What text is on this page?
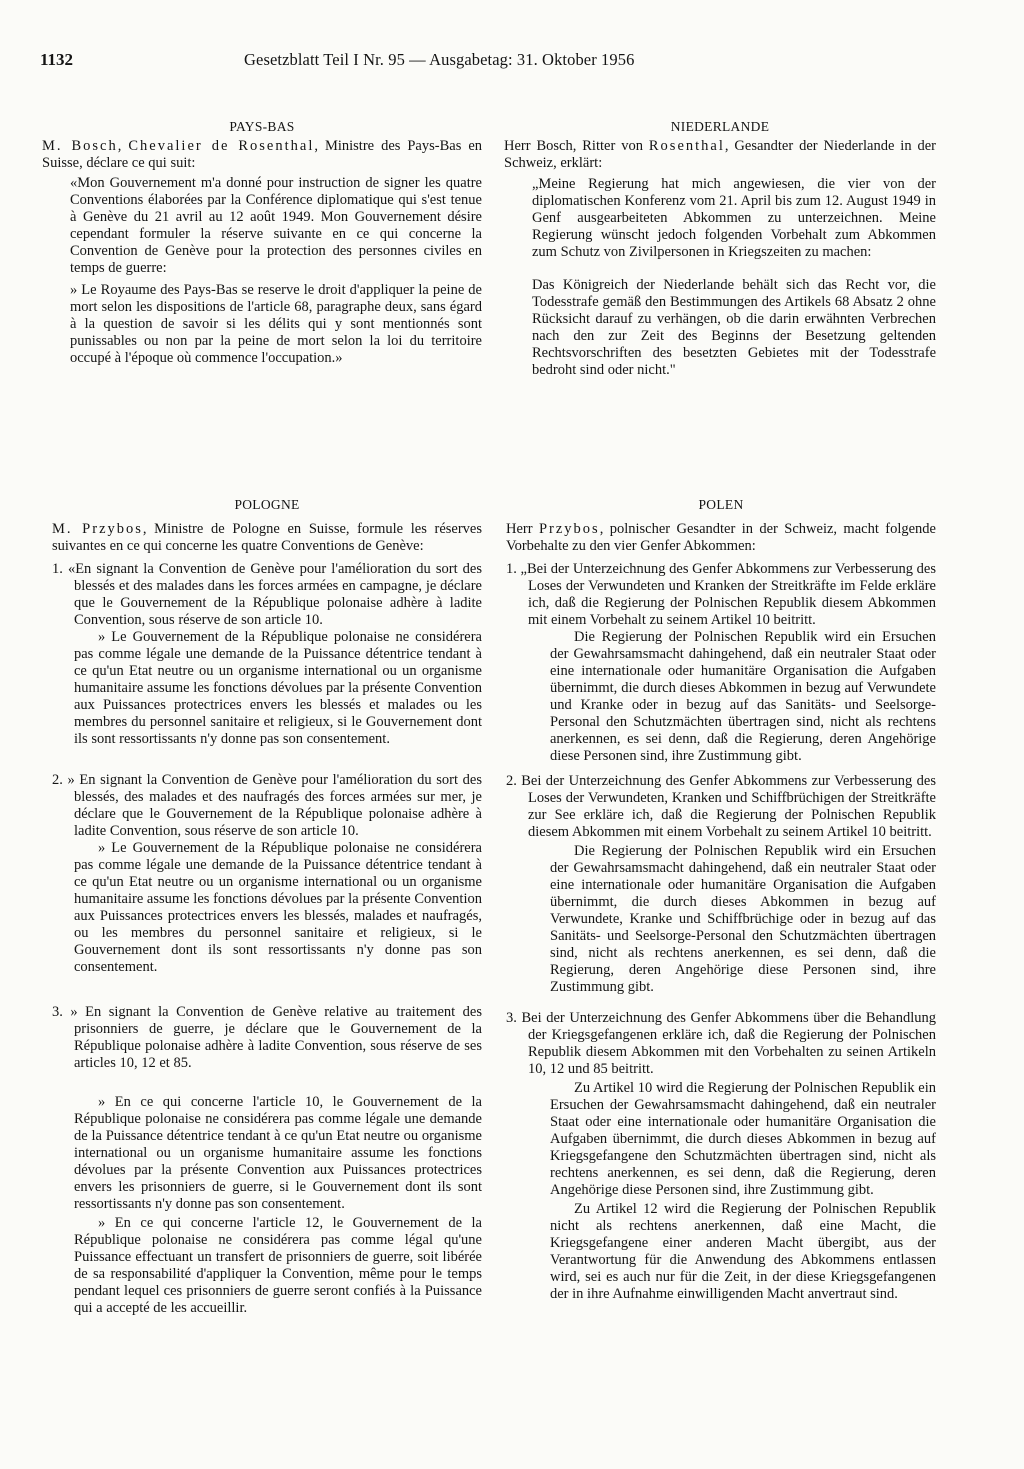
1132	Gesetzblatt Teil I Nr. 95 — Ausgabetag: 31. Oktober 1956

PAYS-BAS

M. Bosch, Chevalier de Rosenthal, Ministre des Pays-Bas en Suisse, déclare ce qui suit:

«Mon Gouvernement m'a donné pour instruction de signer les quatre Conventions élaborées par la Conférence diplomatique qui s'est tenue à Genève du 21 avril au 12 août 1949. Mon Gouvernement désire cependant formuler la réserve suivante en ce qui concerne la Convention de Genève pour la protection des personnes civiles en temps de guerre:

» Le Royaume des Pays-Bas se reserve le droit d'appliquer la peine de mort selon les dispositions de l'article 68, paragraphe deux, sans égard à la question de savoir si les délits qui y sont mentionnés sont punissables ou non par la peine de mort selon la loi du territoire occupé à l'époque où commence l'occupation.»

NIEDERLANDE

Herr Bosch, Ritter von Rosenthal, Gesandter der Niederlande in der Schweiz, erklärt:

„Meine Regierung hat mich angewiesen, die vier von der diplomatischen Konferenz vom 21. April bis zum 12. August 1949 in Genf ausgearbeiteten Abkommen zu unterzeichnen. Meine Regierung wünscht jedoch folgenden Vorbehalt zum Abkommen zum Schutz von Zivilpersonen in Kriegszeiten zu machen:

Das Königreich der Niederlande behält sich das Recht vor, die Todesstrafe gemäß den Bestimmungen des Artikels 68 Absatz 2 ohne Rücksicht darauf zu verhängen, ob die darin erwähnten Verbrechen nach den zur Zeit des Beginns der Besetzung geltenden Rechtsvorschriften des besetzten Gebietes mit der Todesstrafe bedroht sind oder nicht."

POLOGNE

M. Przybos, Ministre de Pologne en Suisse, formule les réserves suivantes en ce qui concerne les quatre Conventions de Genève:

1. «En signant la Convention de Genève pour l'amélioration du sort des blessés et des malades dans les forces armées en campagne, je déclare que le Gouvernement de la République polonaise adhère à ladite Convention, sous réserve de son article 10.

» Le Gouvernement de la République polonaise ne considérera pas comme légale une demande de la Puissance détentrice tendant à ce qu'un Etat neutre ou un organisme international ou un organisme humanitaire assume les fonctions dévolues par la présente Convention aux Puissances protectrices envers les blessés et malades ou les membres du personnel sanitaire et religieux, si le Gouvernement dont ils sont ressortissants n'y donne pas son consentement.

2. » En signant la Convention de Genève pour l'amélioration du sort des blessés, des malades et des naufragés des forces armées sur mer, je déclare que le Gouvernement de la République polonaise adhère à ladite Convention, sous réserve de son article 10.

» Le Gouvernement de la République polonaise ne considérera pas comme légale une demande de la Puissance détentrice tendant à ce qu'un Etat neutre ou un organisme international ou un organisme humanitaire assume les fonctions dévolues par la présente Convention aux Puissances protectrices envers les blessés, malades et naufragés, ou les membres du personnel sanitaire et religieux, si le Gouvernement dont ils sont ressortissants n'y donne pas son consentement.

3. » En signant la Convention de Genève relative au traitement des prisonniers de guerre, je déclare que le Gouvernement de la République polonaise adhère à ladite Convention, sous réserve de ses articles 10, 12 et 85.

» En ce qui concerne l'article 10, le Gouvernement de la République polonaise ne considérera pas comme légale une demande de la Puissance détentrice tendant à ce qu'un Etat neutre ou organisme international ou un organisme humanitaire assume les fonctions dévolues par la présente Convention aux Puissances protectrices envers les prisonniers de guerre, si le Gouvernement dont ils sont ressortissants n'y donne pas son consentement.

» En ce qui concerne l'article 12, le Gouvernement de la République polonaise ne considérera pas comme légal qu'une Puissance effectuant un transfert de prisonniers de guerre, soit libérée de sa responsabilité d'appliquer la Convention, même pour le temps pendant lequel ces prisonniers de guerre seront confiés à la Puissance qui a accepté de les accueillir.

POLEN

Herr Przybos, polnischer Gesandter in der Schweiz, macht folgende Vorbehalte zu den vier Genfer Abkommen:

1. „Bei der Unterzeichnung des Genfer Abkommens zur Verbesserung des Loses der Verwundeten und Kranken der Streitkräfte im Felde erkläre ich, daß die Regierung der Polnischen Republik diesem Abkommen mit einem Vorbehalt zu seinem Artikel 10 beitritt.

Die Regierung der Polnischen Republik wird ein Ersuchen der Gewahrsamsmacht dahingehend, daß ein neutraler Staat oder eine internationale oder humanitäre Organisation die Aufgaben übernimmt, die durch dieses Abkommen in bezug auf Verwundete und Kranke oder in bezug auf das Sanitäts- und Seelsorge-Personal den Schutzmächten übertragen sind, nicht als rechtens anerkennen, es sei denn, daß die Regierung, deren Angehörige diese Personen sind, ihre Zustimmung gibt.

2. Bei der Unterzeichnung des Genfer Abkommens zur Verbesserung des Loses der Verwundeten, Kranken und Schiffbrüchigen der Streitkräfte zur See erkläre ich, daß die Regierung der Polnischen Republik diesem Abkommen mit einem Vorbehalt zu seinem Artikel 10 beitritt.

Die Regierung der Polnischen Republik wird ein Ersuchen der Gewahrsamsmacht dahingehend, daß ein neutraler Staat oder eine internationale oder humanitäre Organisation die Aufgaben übernimmt, die durch dieses Abkommen in bezug auf Verwundete, Kranke und Schiffbrüchige oder in bezug auf das Sanitäts- und Seelsorge-Personal den Schutzmächten übertragen sind, nicht als rechtens anerkennen, es sei denn, daß die Regierung, deren Angehörige diese Personen sind, ihre Zustimmung gibt.

3. Bei der Unterzeichnung des Genfer Abkommens über die Behandlung der Kriegsgefangenen erkläre ich, daß die Regierung der Polnischen Republik diesem Abkommen mit den Vorbehalten zu seinen Artikeln 10, 12 und 85 beitritt.

Zu Artikel 10 wird die Regierung der Polnischen Republik ein Ersuchen der Gewahrsamsmacht dahingehend, daß ein neutraler Staat oder eine internationale oder humanitäre Organisation die Aufgaben übernimmt, die durch dieses Abkommen in bezug auf Kriegsgefangene den Schutzmächten übertragen sind, nicht als rechtens anerkennen, es sei denn, daß die Regierung, deren Angehörige diese Personen sind, ihre Zustimmung gibt.

Zu Artikel 12 wird die Regierung der Polnischen Republik nicht als rechtens anerkennen, daß eine Macht, die Kriegsgefangene einer anderen Macht übergibt, aus der Verantwortung für die Anwendung des Abkommens entlassen wird, sei es auch nur für die Zeit, in der diese Kriegsgefangenen der in ihre Aufnahme einwilligenden Macht anvertraut sind.
